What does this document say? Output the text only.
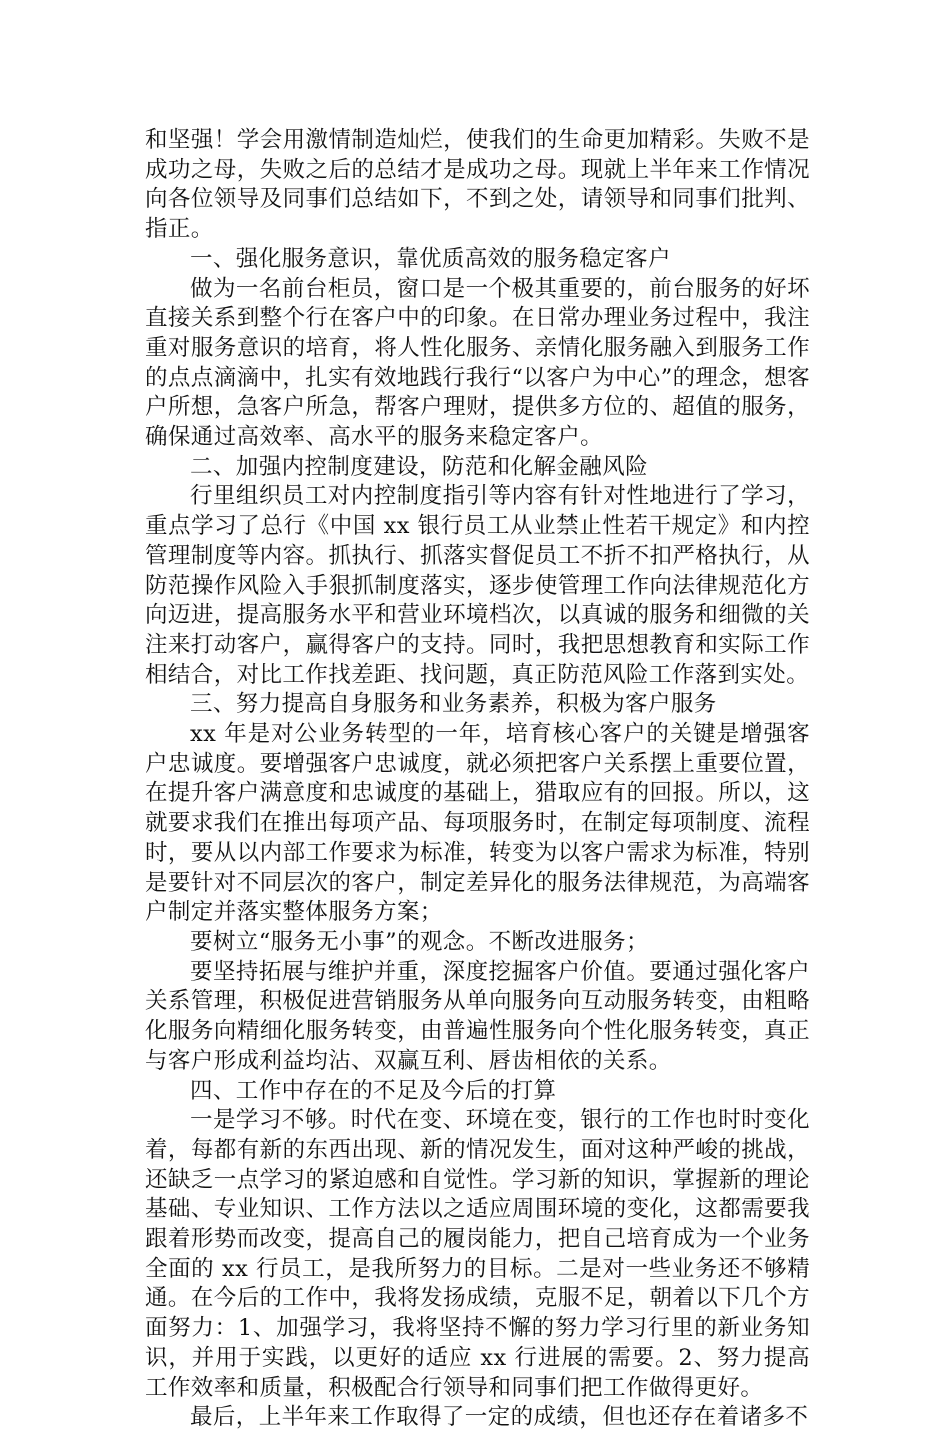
和坚强！学会用激情制造灿烂，使我们的生命更加精彩。失败不是成功之母，失败之后的总结才是成功之母。现就上半年来工作情况向各位领导及同事们总结如下，不到之处，请领导和同事们批判、指正。

一、强化服务意识，靠优质高效的服务稳定客户

做为一名前台柜员，窗口是一个极其重要的，前台服务的好坏直接关系到整个行在客户中的印象。在日常办理业务过程中，我注重对服务意识的培育，将人性化服务、亲情化服务融入到服务工作的点点滴滴中，扎实有效地践行我行“以客户为中心”的理念，想客户所想，急客户所急，帮客户理财，提供多方位的、超值的服务，确保通过高效率、高水平的服务来稳定客户。

二、加强内控制度建设，防范和化解金融风险

行里组织员工对内控制度指引等内容有针对性地进行了学习，重点学习了总行《中国 xx 银行员工从业禁止性若干规定》和内控管理制度等内容。抓执行、抓落实督促员工不折不扣严格执行，从防范操作风险入手狠抓制度落实，逐步使管理工作向法律规范化方向迈进，提高服务水平和营业环境档次，以真诚的服务和细微的关注来打动客户，赢得客户的支持。同时，我把思想教育和实际工作相结合，对比工作找差距、找问题，真正防范风险工作落到实处。

三、努力提高自身服务和业务素养，积极为客户服务

xx 年是对公业务转型的一年，培育核心客户的关键是增强客户忠诚度。要增强客户忠诚度，就必须把客户关系摆上重要位置，在提升客户满意度和忠诚度的基础上，猎取应有的回报。所以，这就要求我们在推出每项产品、每项服务时，在制定每项制度、流程时，要从以内部工作要求为标准，转变为以客户需求为标准，特别是要针对不同层次的客户，制定差异化的服务法律规范，为高端客户制定并落实整体服务方案；

要树立“服务无小事”的观念。不断改进服务；

要坚持拓展与维护并重，深度挖掘客户价值。要通过强化客户关系管理，积极促进营销服务从单向服务向互动服务转变，由粗略化服务向精细化服务转变，由普遍性服务向个性化服务转变，真正与客户形成利益均沾、双赢互利、唇齿相依的关系。

四、工作中存在的不足及今后的打算

一是学习不够。时代在变、环境在变，银行的工作也时时变化着，每都有新的东西出现、新的情况发生，面对这种严峻的挑战，还缺乏一点学习的紧迫感和自觉性。学习新的知识，掌握新的理论基础、专业知识、工作方法以之适应周围环境的变化，这都需要我跟着形势而改变，提高自己的履岗能力，把自己培育成为一个业务全面的 xx 行员工，是我所努力的目标。二是对一些业务还不够精通。在今后的工作中，我将发扬成绩，克服不足，朝着以下几个方面努力：1、加强学习，我将坚持不懈的努力学习行里的新业务知识，并用于实践，以更好的适应 xx 行进展的需要。2、努力提高工作效率和质量，积极配合行领导和同事们把工作做得更好。

最后，上半年来工作取得了一定的成绩，但也还存在着诸多不
